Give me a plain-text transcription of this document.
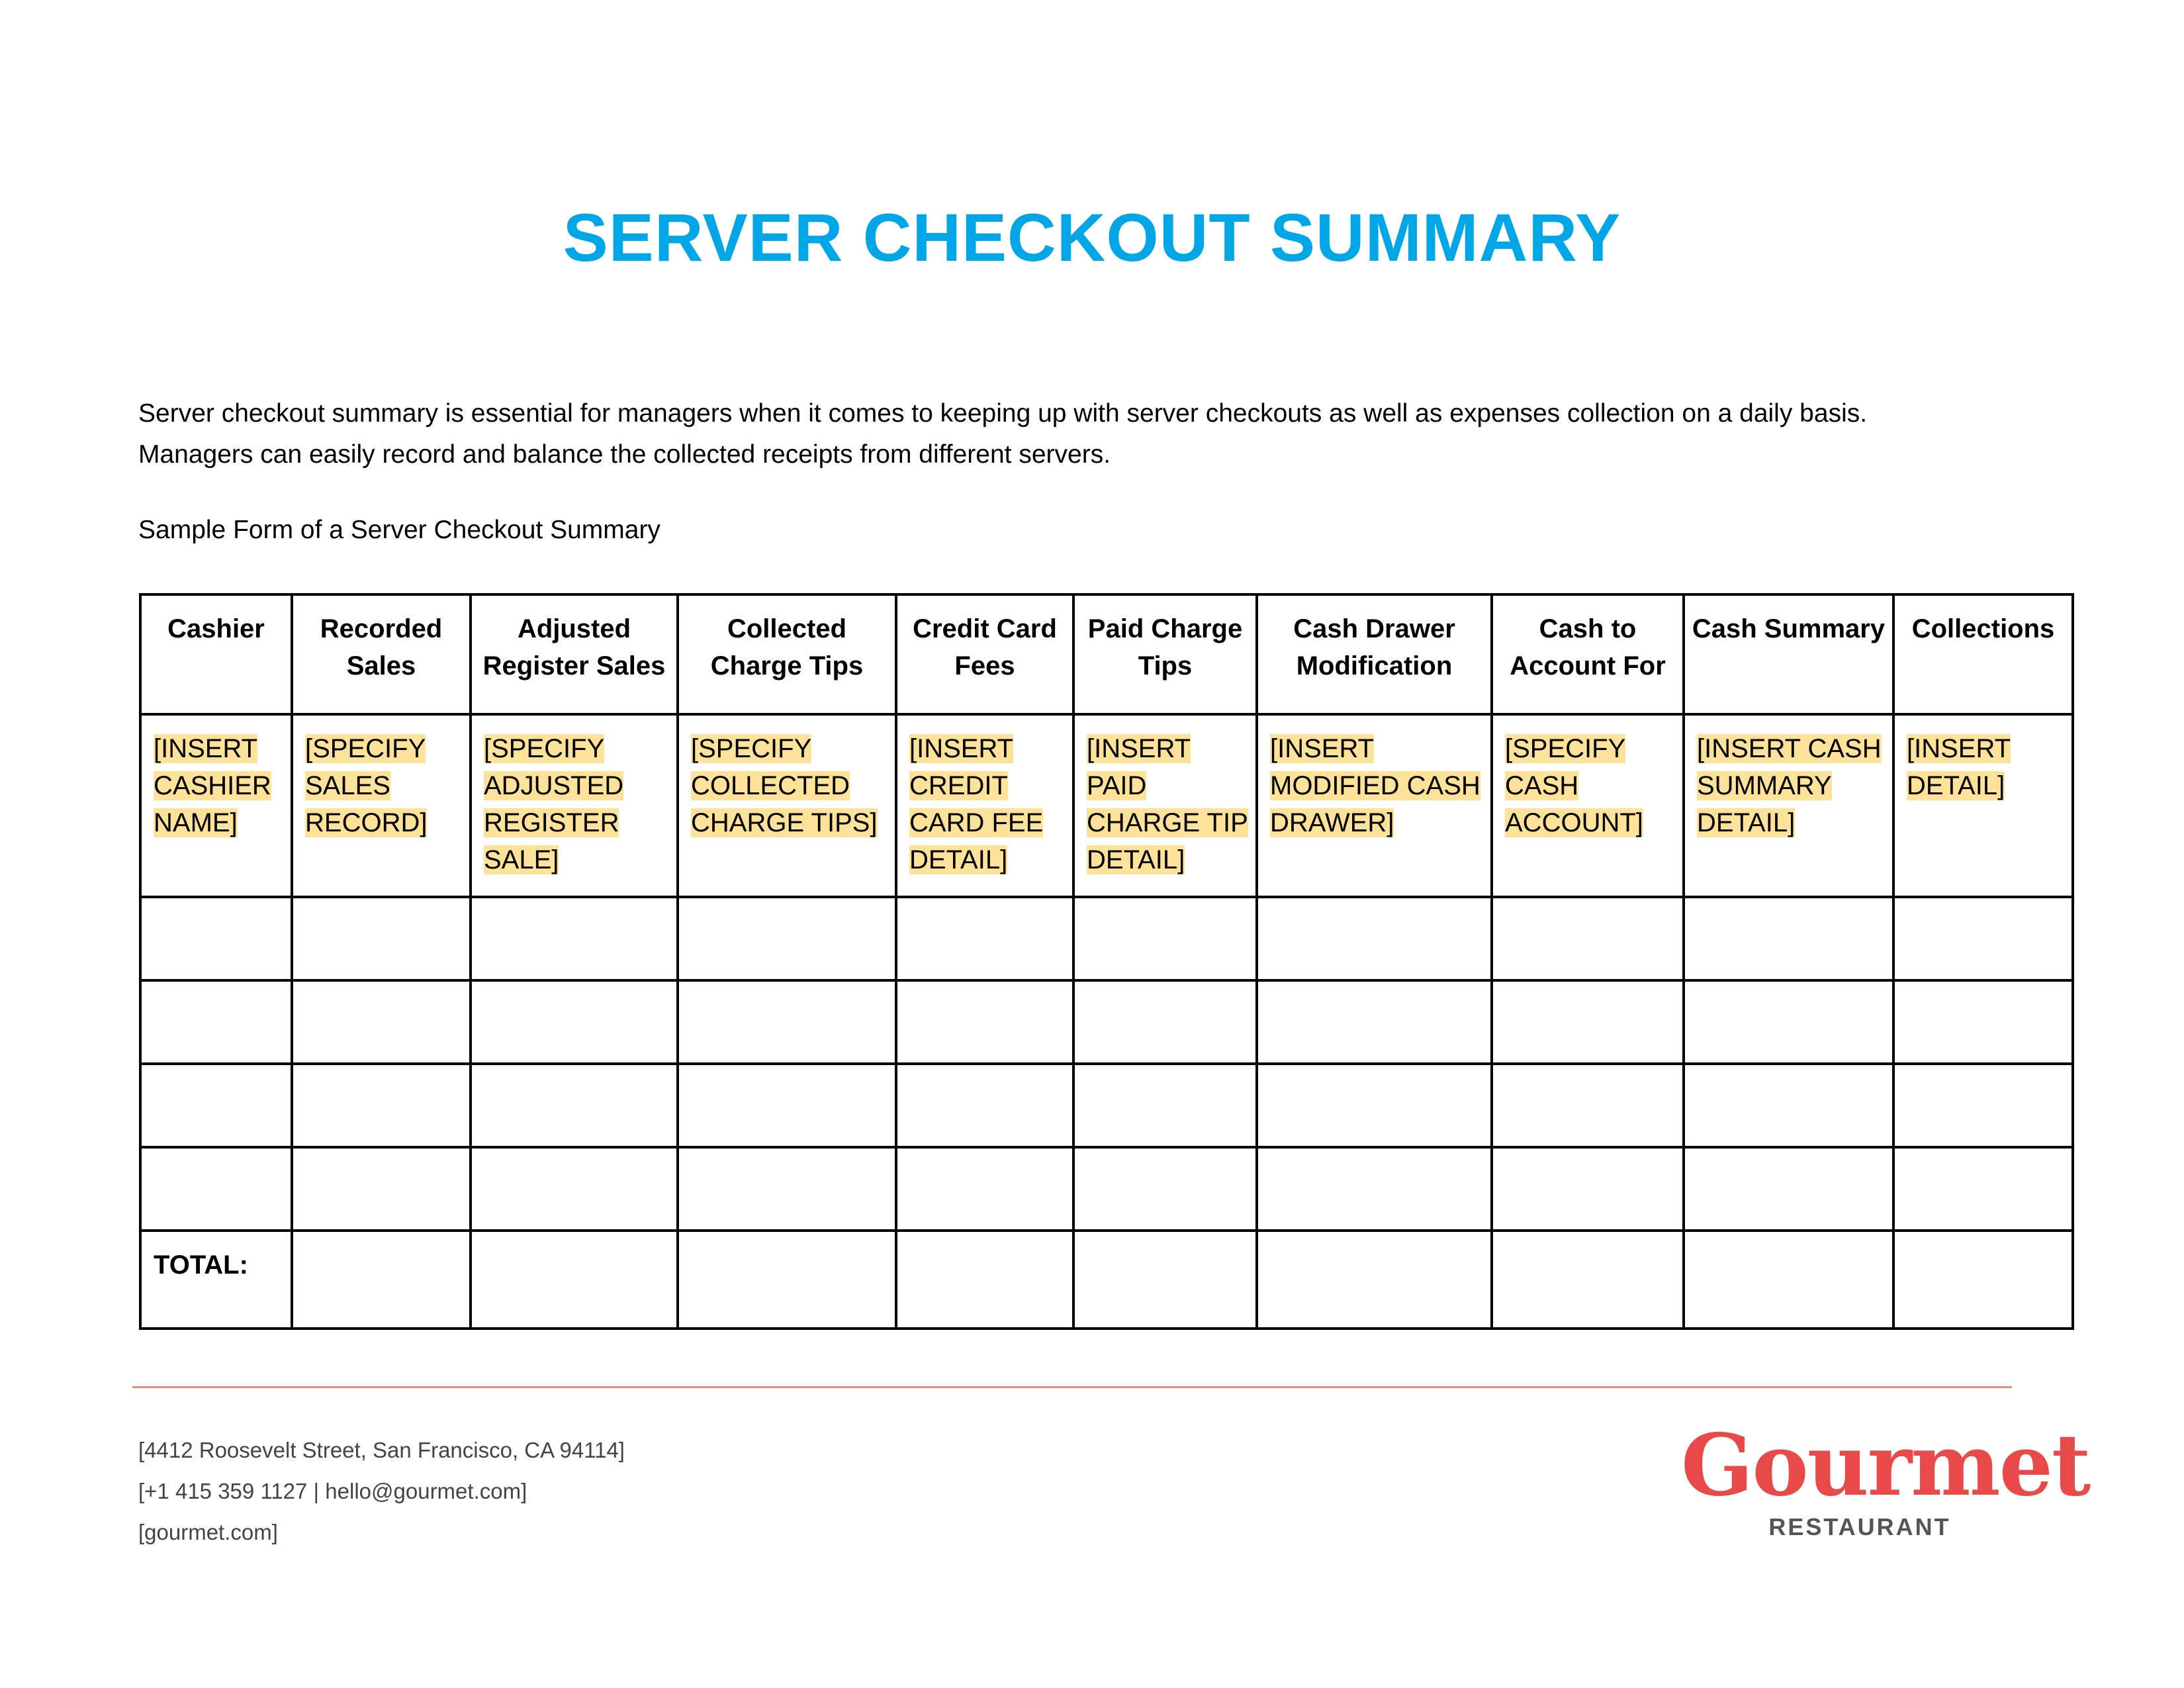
SERVER CHECKOUT SUMMARY

Server checkout summary is essential for managers when it comes to keeping up with server checkouts as well as expenses collection on a daily basis.

Managers can easily record and balance the collected receipts from different servers.

Sample Form of a Server Checkout Summary
Cashier	Recorded Sales	Adjusted Register Sales	Collected Charge Tips	Credit Card Fees	Paid Charge Tips	Cash Drawer Modification	Cash to Account For	Cash Summary	Collections
[INSERT CASHIER NAME]	[SPECIFY SALES RECORD]	[SPECIFY ADJUSTED REGISTER SALE]	[SPECIFY COLLECTED CHARGE TIPS]	[INSERT CREDIT CARD FEE DETAIL]	[INSERT PAID CHARGE TIP DETAIL]	[INSERT MODIFIED CASH DRAWER]	[SPECIFY CASH ACCOUNT]	[INSERT CASH SUMMARY DETAIL]	[INSERT DETAIL]

TOTAL:									
[4412 Roosevelt Street, San Francisco, CA 94114]
[+1 415 359 1127 | hello@gourmet.com]
[gourmet.com]
Gourmet
RESTAURANT
